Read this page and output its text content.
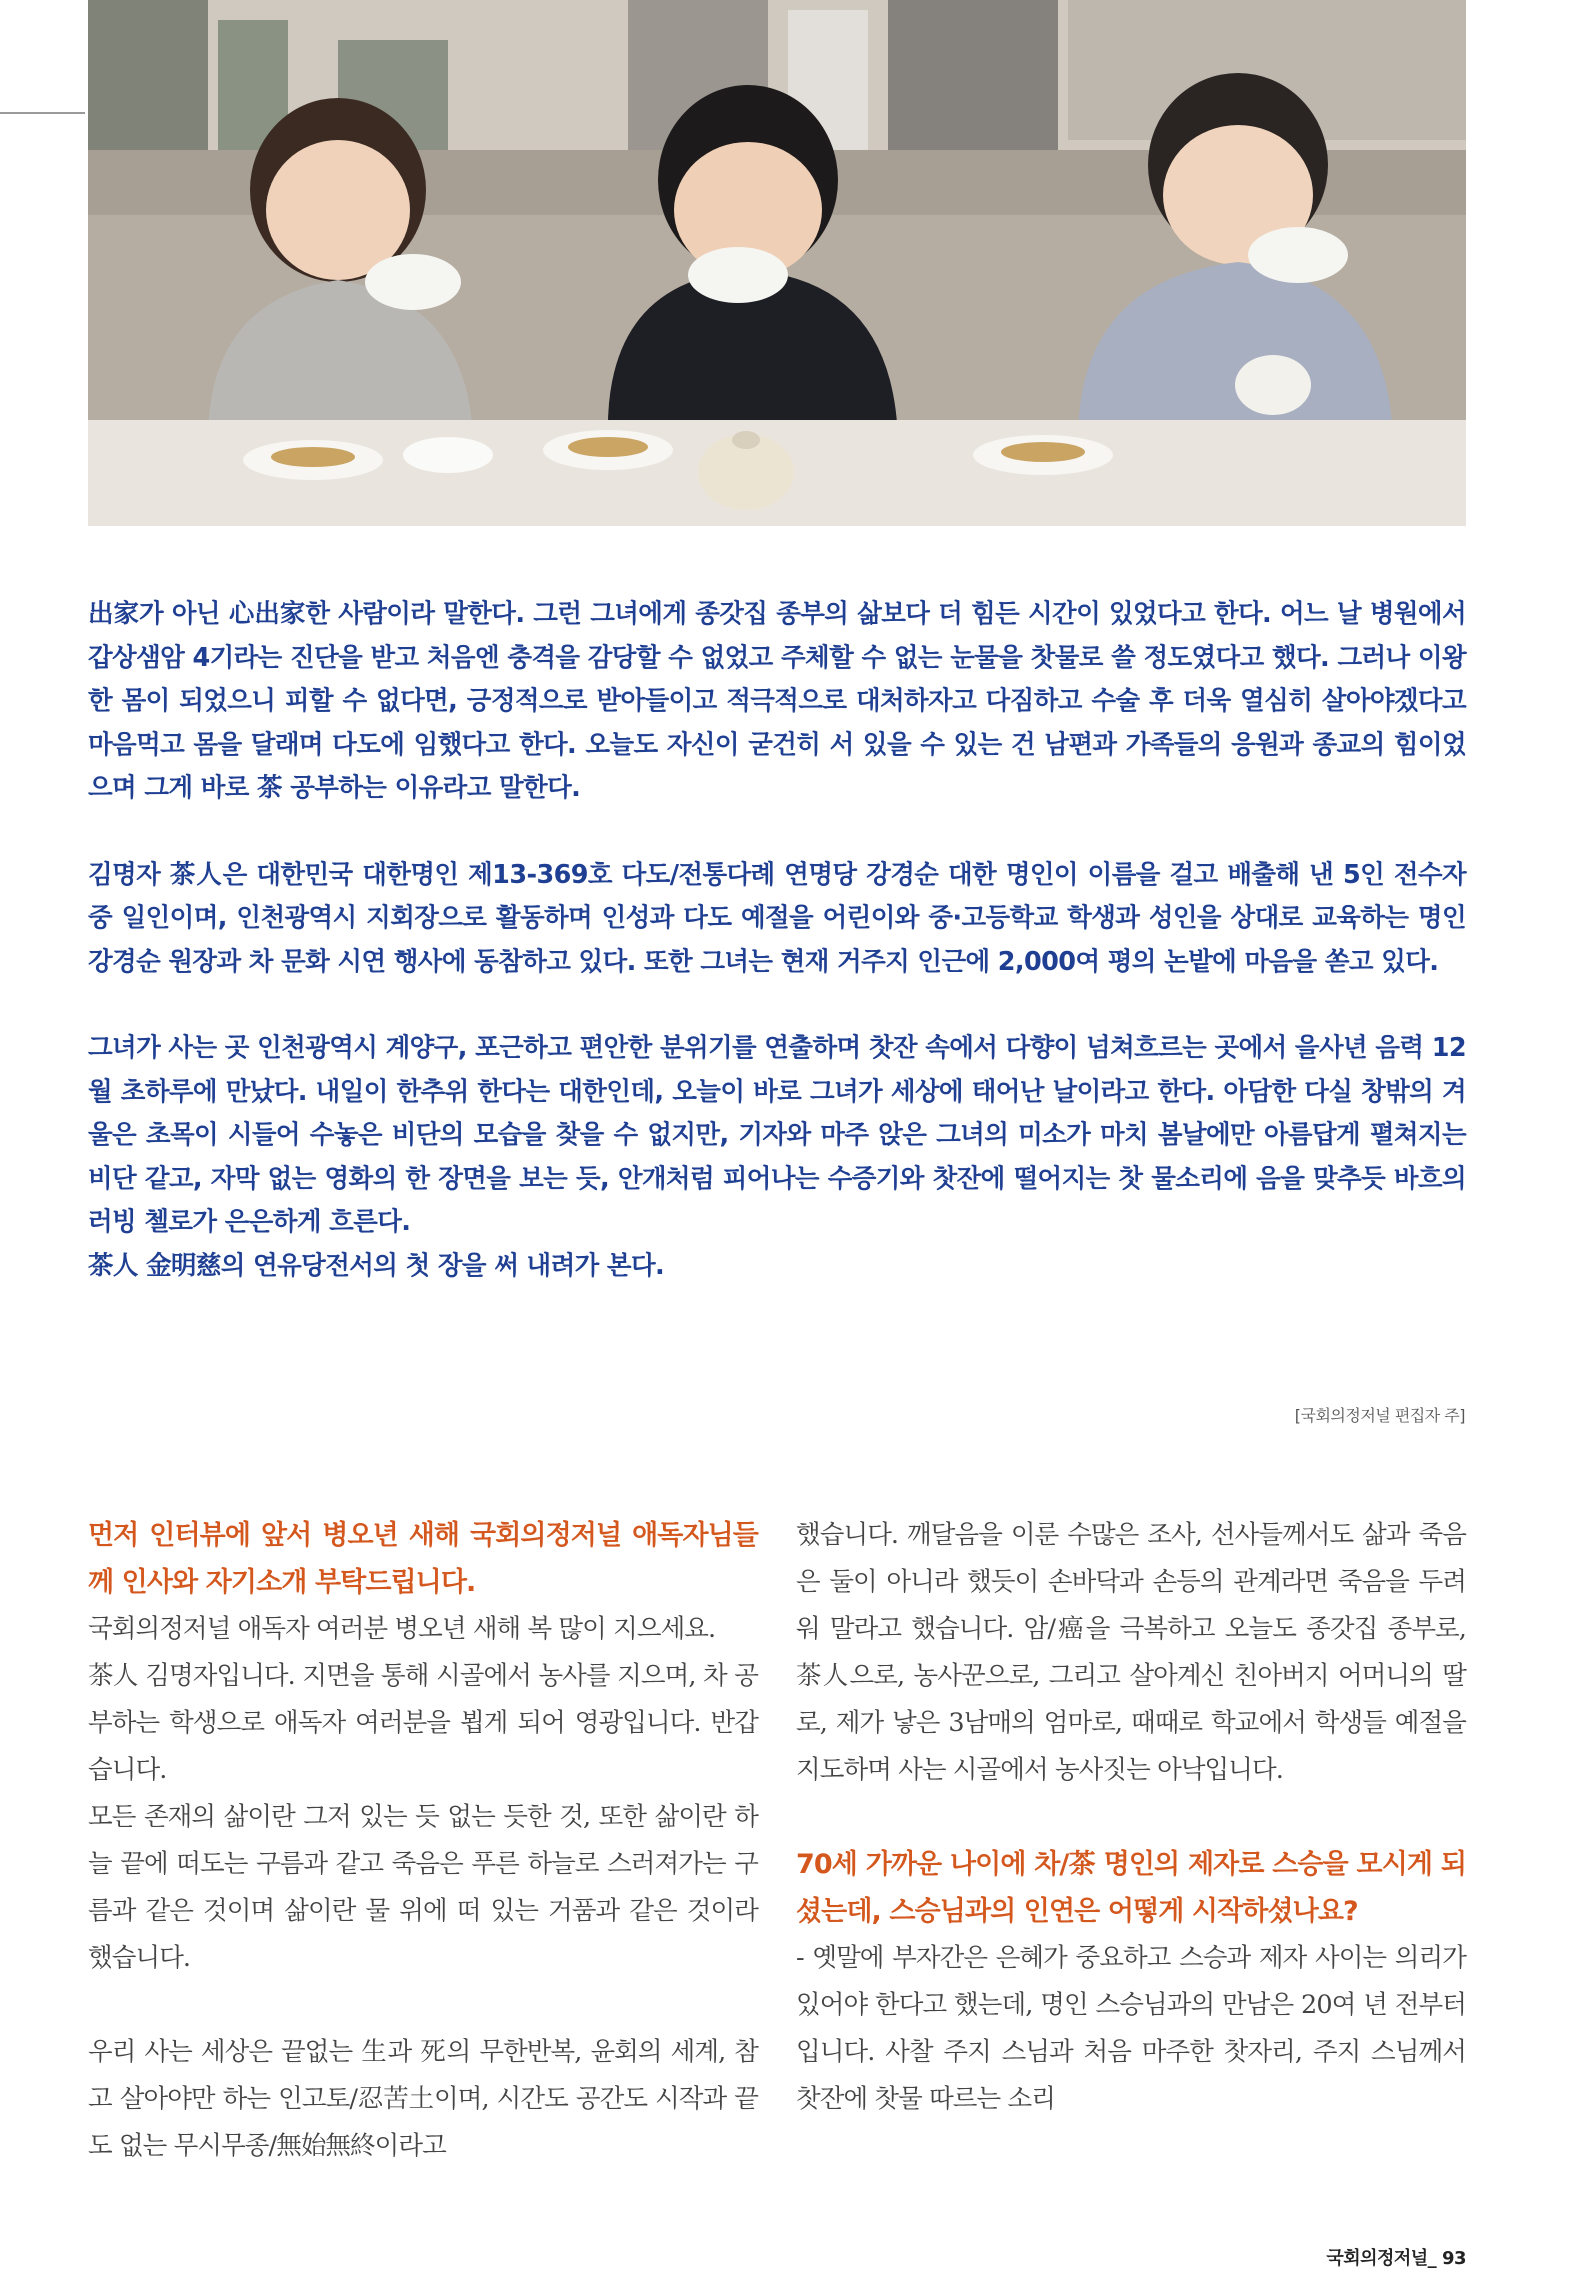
出家가 아닌 心出家한 사람이라 말한다. 그런 그녀에게 종갓집 종부의 삶보다 더 힘든 시간이 있었다고 한다. 어느 날 병원에서 갑상샘암 4기라는 진단을 받고 처음엔 충격을 감당할 수 없었고 주체할 수 없는 눈물을 찻물로 쓸 정도였다고 했다. 그러나 이왕 한 몸이 되었으니 피할 수 없다면, 긍정적으로 받아들이고 적극적으로 대처하자고 다짐하고 수술 후 더욱 열심히 살아야겠다고 마음먹고 몸을 달래며 다도에 임했다고 한다. 오늘도 자신이 굳건히 서 있을 수 있는 건 남편과 가족들의 응원과 종교의 힘이었으며 그게 바로 茶 공부하는 이유라고 말한다.

김명자 茶人은 대한민국 대한명인 제13-369호 다도/전통다례 연명당 강경순 대한 명인이 이름을 걸고 배출해 낸 5인 전수자 중 일인이며, 인천광역시 지회장으로 활동하며 인성과 다도 예절을 어린이와 중·고등학교 학생과 성인을 상대로 교육하는 명인 강경순 원장과 차 문화 시연 행사에 동참하고 있다. 또한 그녀는 현재 거주지 인근에 2,000여 평의 논밭에 마음을 쏟고 있다.

그녀가 사는 곳 인천광역시 계양구, 포근하고 편안한 분위기를 연출하며 찻잔 속에서 다향이 넘쳐흐르는 곳에서 을사년 음력 12월 초하루에 만났다. 내일이 한추위 한다는 대한인데, 오늘이 바로 그녀가 세상에 태어난 날이라고 한다. 아담한 다실 창밖의 겨울은 초목이 시들어 수놓은 비단의 모습을 찾을 수 없지만, 기자와 마주 앉은 그녀의 미소가 마치 봄날에만 아름답게 펼쳐지는 비단 같고, 자막 없는 영화의 한 장면을 보는 듯, 안개처럼 피어나는 수증기와 찻잔에 떨어지는 찻 물소리에 음을 맞추듯 바흐의 러빙 첼로가 은은하게 흐른다.

茶人 金明慈의 연유당전서의 첫 장을 써 내려가 본다.

[국회의정저널 편집자 주]

먼저 인터뷰에 앞서 병오년 새해 국회의정저널 애독자님들께 인사와 자기소개 부탁드립니다.

국회의정저널 애독자 여러분 병오년 새해 복 많이 지으세요.

茶人 김명자입니다. 지면을 통해 시골에서 농사를 지으며, 차 공부하는 학생으로 애독자 여러분을 뵙게 되어 영광입니다. 반갑습니다.

모든 존재의 삶이란 그저 있는 듯 없는 듯한 것, 또한 삶이란 하늘 끝에 떠도는 구름과 같고 죽음은 푸른 하늘로 스러져가는 구름과 같은 것이며 삶이란 물 위에 떠 있는 거품과 같은 것이라 했습니다.

우리 사는 세상은 끝없는 生과 死의 무한반복, 윤회의 세계, 참고 살아야만 하는 인고토/忍苦土이며, 시간도 공간도 시작과 끝도 없는 무시무종/無始無終이라고

했습니다. 깨달음을 이룬 수많은 조사, 선사들께서도 삶과 죽음은 둘이 아니라 했듯이 손바닥과 손등의 관계라면 죽음을 두려워 말라고 했습니다. 암/癌을 극복하고 오늘도 종갓집 종부로, 茶人으로, 농사꾼으로, 그리고 살아계신 친아버지 어머니의 딸로, 제가 낳은 3남매의 엄마로, 때때로 학교에서 학생들 예절을 지도하며 사는 시골에서 농사짓는 아낙입니다.

70세 가까운 나이에 차/茶 명인의 제자로 스승을 모시게 되셨는데, 스승님과의 인연은 어떻게 시작하셨나요?

- 옛말에 부자간은 은혜가 중요하고 스승과 제자 사이는 의리가 있어야 한다고 했는데, 명인 스승님과의 만남은 20여 년 전부터입니다. 사찰 주지 스님과 처음 마주한 찻자리, 주지 스님께서 찻잔에 찻물 따르는 소리

국회의정저널_ 93
